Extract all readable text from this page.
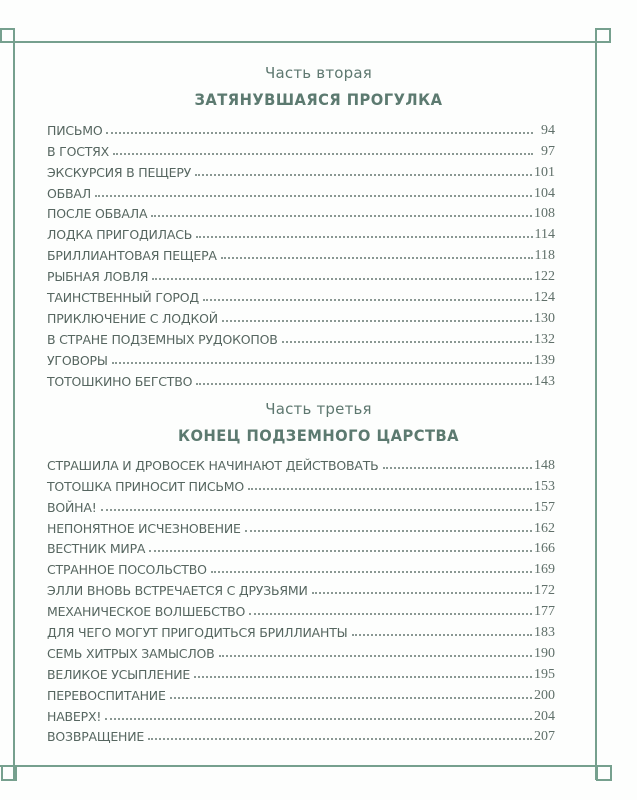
Часть вторая
ЗАТЯНУВШАЯСЯ ПРОГУЛКА
ПИСЬМО	94
В ГОСТЯХ	97
ЭКСКУРСИЯ В ПЕЩЕРУ	101
ОБВАЛ	104
ПОСЛЕ ОБВАЛА	108
ЛОДКА ПРИГОДИЛАСЬ	114
БРИЛЛИАНТОВАЯ ПЕЩЕРА	118
РЫБНАЯ ЛОВЛЯ	122
ТАИНСТВЕННЫЙ ГОРОД	124
ПРИКЛЮЧЕНИЕ С ЛОДКОЙ	130
В СТРАНЕ ПОДЗЕМНЫХ РУДОКОПОВ	132
УГОВОРЫ	139
ТОТОШКИНО БЕГСТВО	143
Часть третья
КОНЕЦ ПОДЗЕМНОГО ЦАРСТВА
СТРАШИЛА И ДРОВОСЕК НАЧИНАЮТ ДЕЙСТВОВАТЬ	148
ТОТОШКА ПРИНОСИТ ПИСЬМО	153
ВОЙНА!	157
НЕПОНЯТНОЕ ИСЧЕЗНОВЕНИЕ	162
ВЕСТНИК МИРА	166
СТРАННОЕ ПОСОЛЬСТВО	169
ЭЛЛИ ВНОВЬ ВСТРЕЧАЕТСЯ С ДРУЗЬЯМИ	172
МЕХАНИЧЕСКОЕ ВОЛШЕБСТВО	177
ДЛЯ ЧЕГО МОГУТ ПРИГОДИТЬСЯ БРИЛЛИАНТЫ	183
СЕМЬ ХИТРЫХ ЗАМЫСЛОВ	190
ВЕЛИКОЕ УСЫПЛЕНИЕ	195
ПЕРЕВОСПИТАНИЕ	200
НАВЕРХ!	204
ВОЗВРАЩЕНИЕ	207
